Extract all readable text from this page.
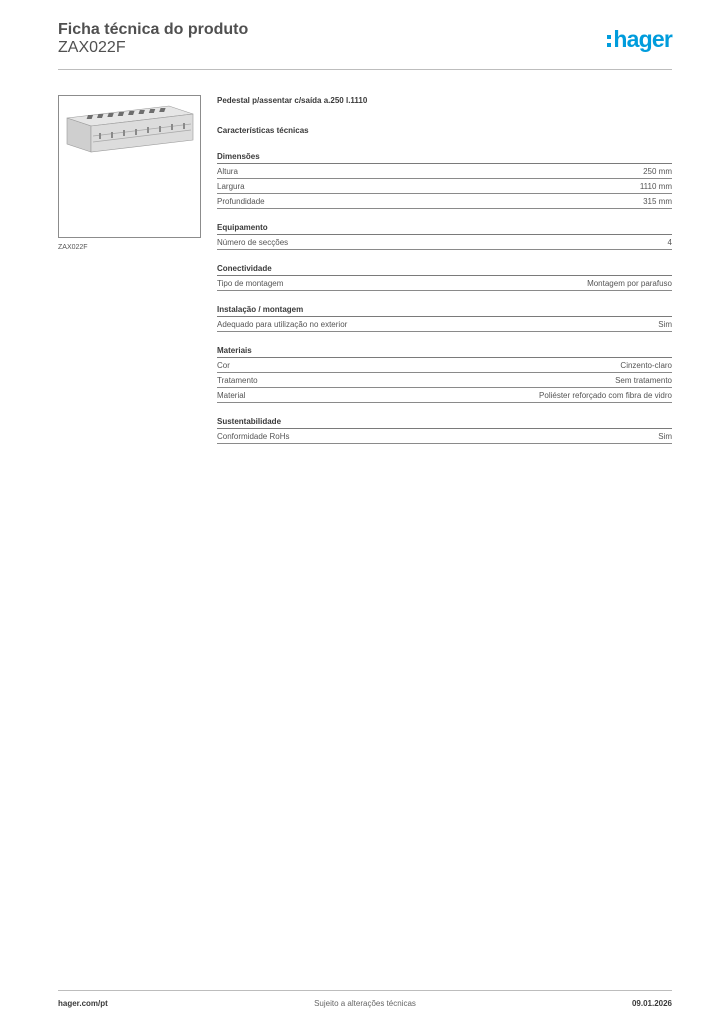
Ficha técnica do produto
ZAX022F	hager
ZAX022F
Pedestal p/assentar c/saída a.250 l.1110
Características técnicas
Dimensões
Altura	250 mm
Largura	1110 mm
Profundidade	315 mm
Equipamento
Número de secções	4
Conectividade
Tipo de montagem	Montagem por parafuso
Instalação / montagem
Adequado para utilização no exterior	Sim
Materiais
Cor	Cinzento-claro
Tratamento	Sem tratamento
Material	Poliéster reforçado com fibra de vidro
Sustentabilidade
Conformidade RoHs	Sim
hager.com/pt	Sujeito a alterações técnicas	09.01.2026
